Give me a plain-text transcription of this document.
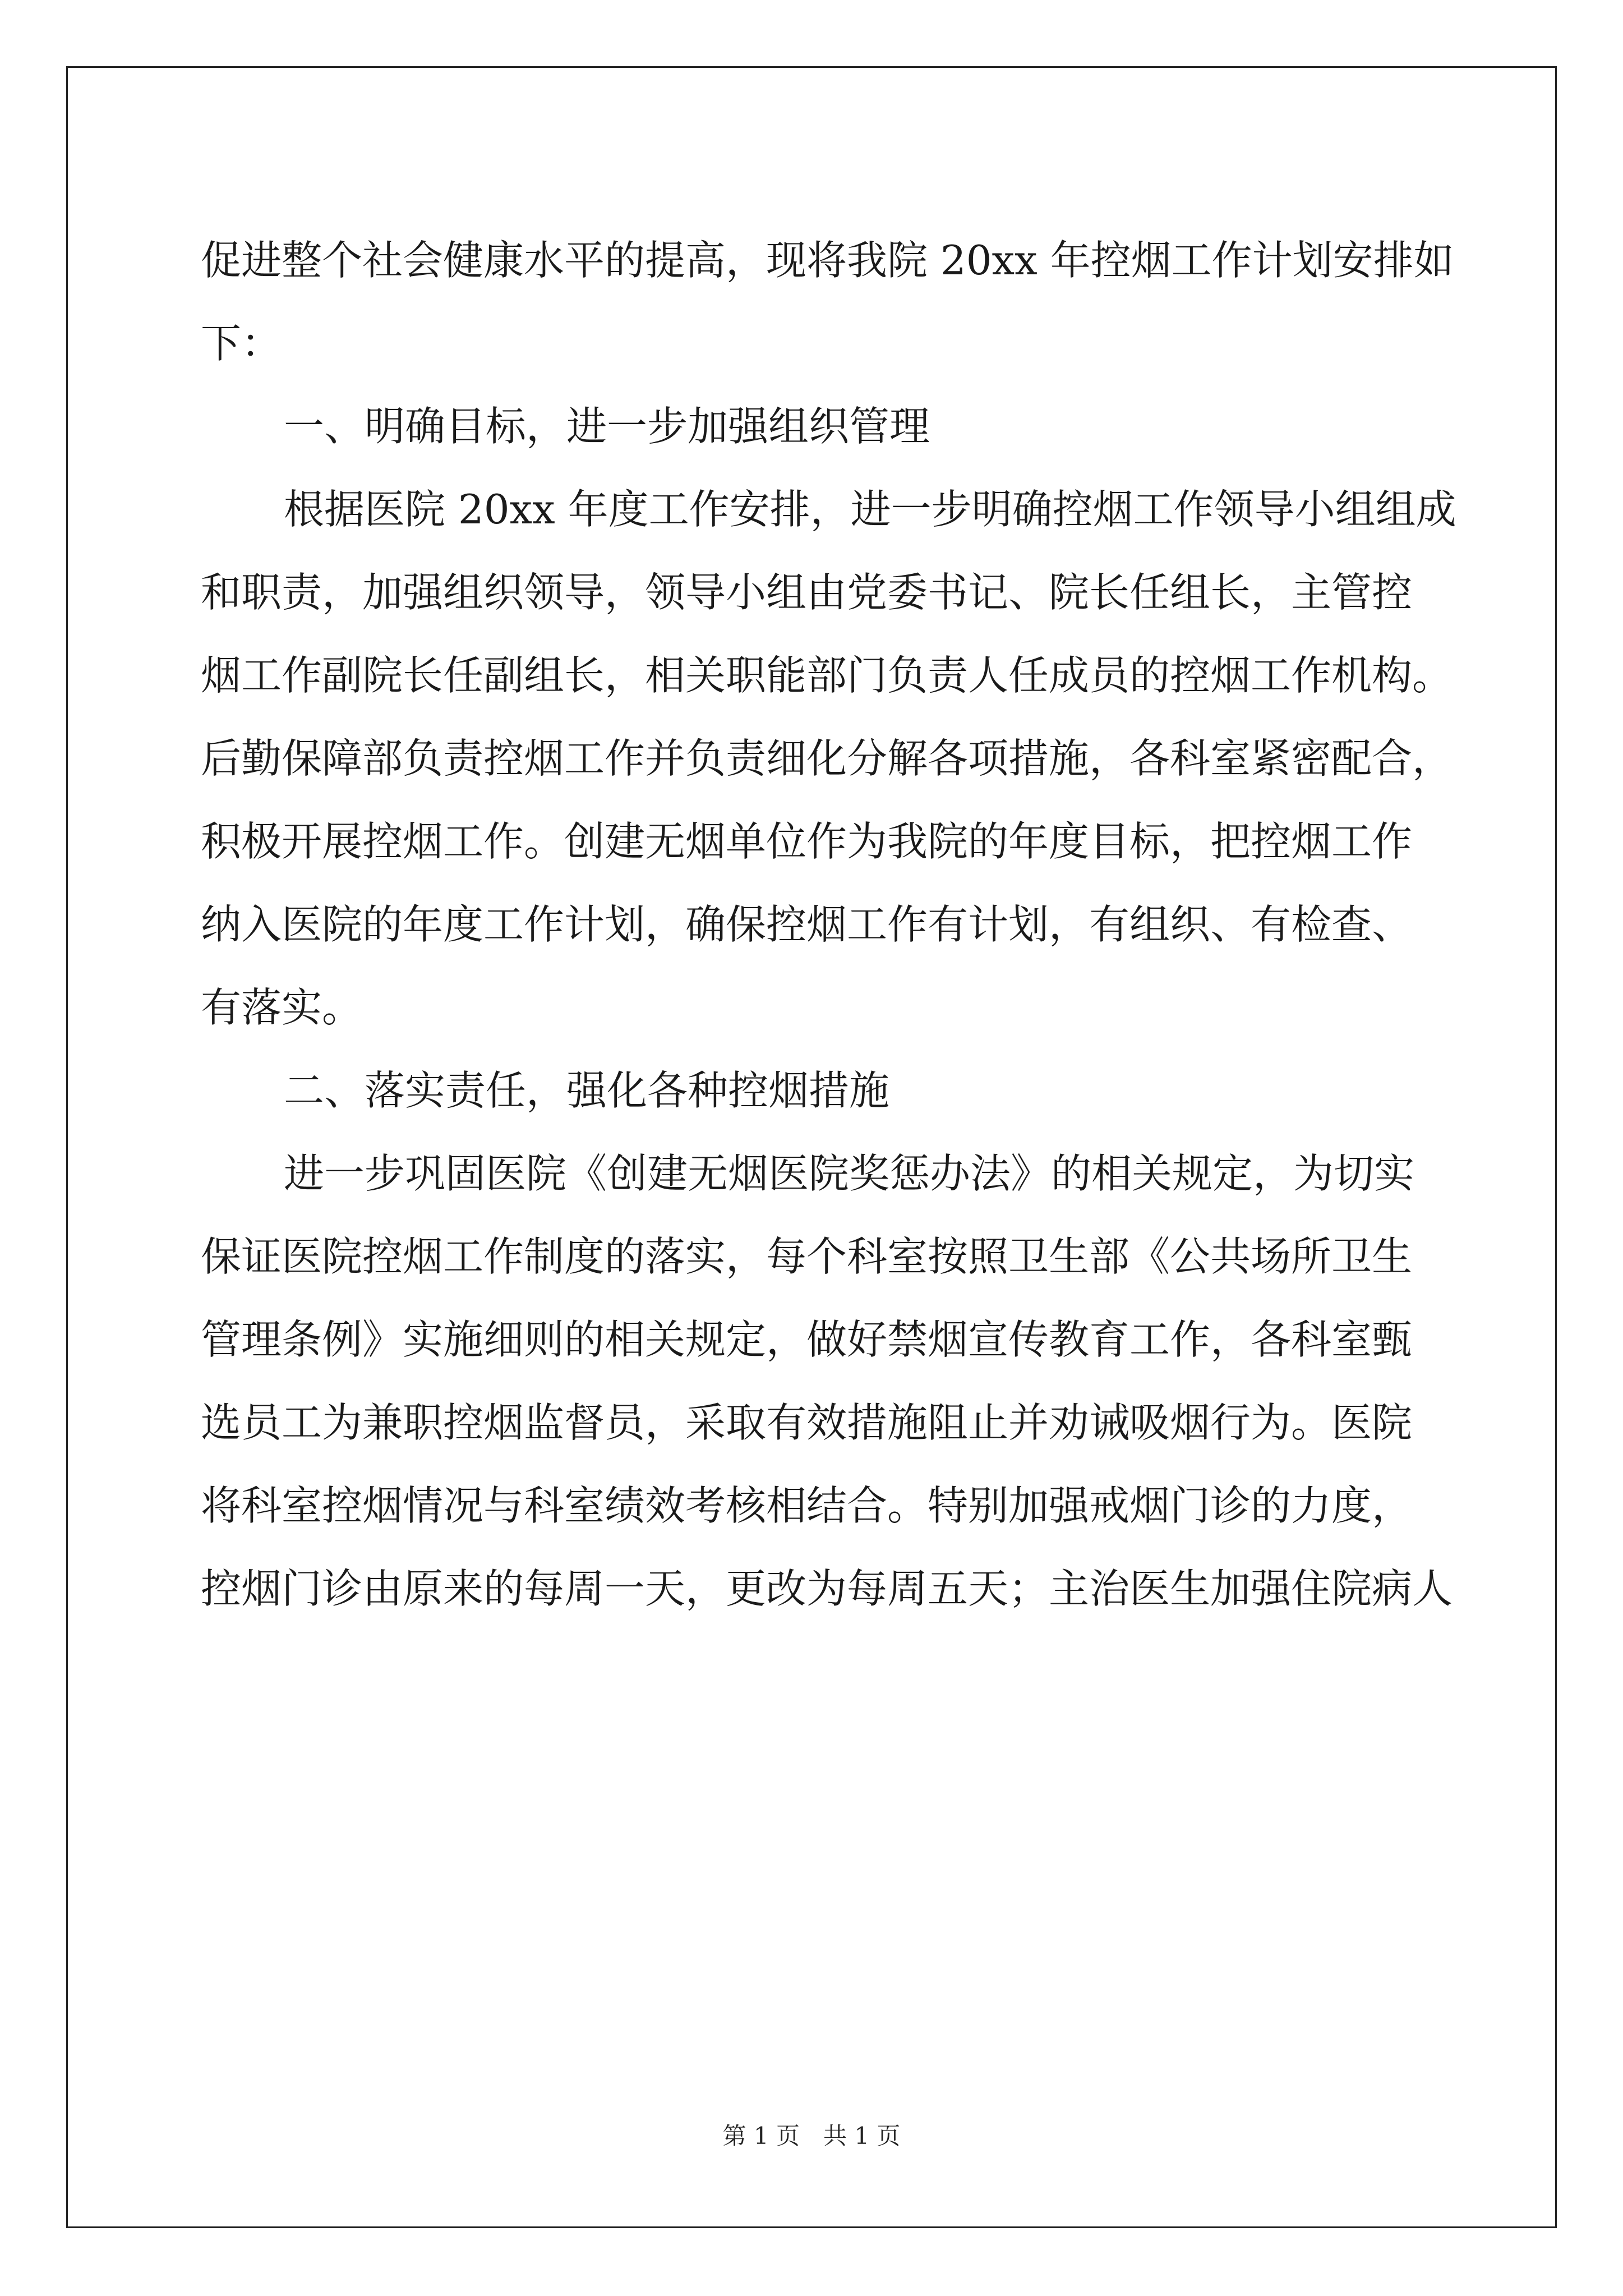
促进整个社会健康水平的提高，现将我院 20xx 年控烟工作计划安排如
下：
一、明确目标，进一步加强组织管理
根据医院 20xx 年度工作安排，进一步明确控烟工作领导小组组成
和职责，加强组织领导，领导小组由党委书记、院长任组长，主管控
烟工作副院长任副组长，相关职能部门负责人任成员的控烟工作机构。
后勤保障部负责控烟工作并负责细化分解各项措施，各科室紧密配合，
积极开展控烟工作。创建无烟单位作为我院的年度目标，把控烟工作
纳入医院的年度工作计划，确保控烟工作有计划，有组织、有检查、
有落实。
二、落实责任，强化各种控烟措施
进一步巩固医院《创建无烟医院奖惩办法》的相关规定，为切实
保证医院控烟工作制度的落实，每个科室按照卫生部《公共场所卫生
管理条例》实施细则的相关规定，做好禁烟宣传教育工作，各科室甄
选员工为兼职控烟监督员，采取有效措施阻止并劝诫吸烟行为。医院
将科室控烟情况与科室绩效考核相结合。特别加强戒烟门诊的力度，
控烟门诊由原来的每周一天，更改为每周五天；主治医生加强住院病人
第 1 页　共 1 页
